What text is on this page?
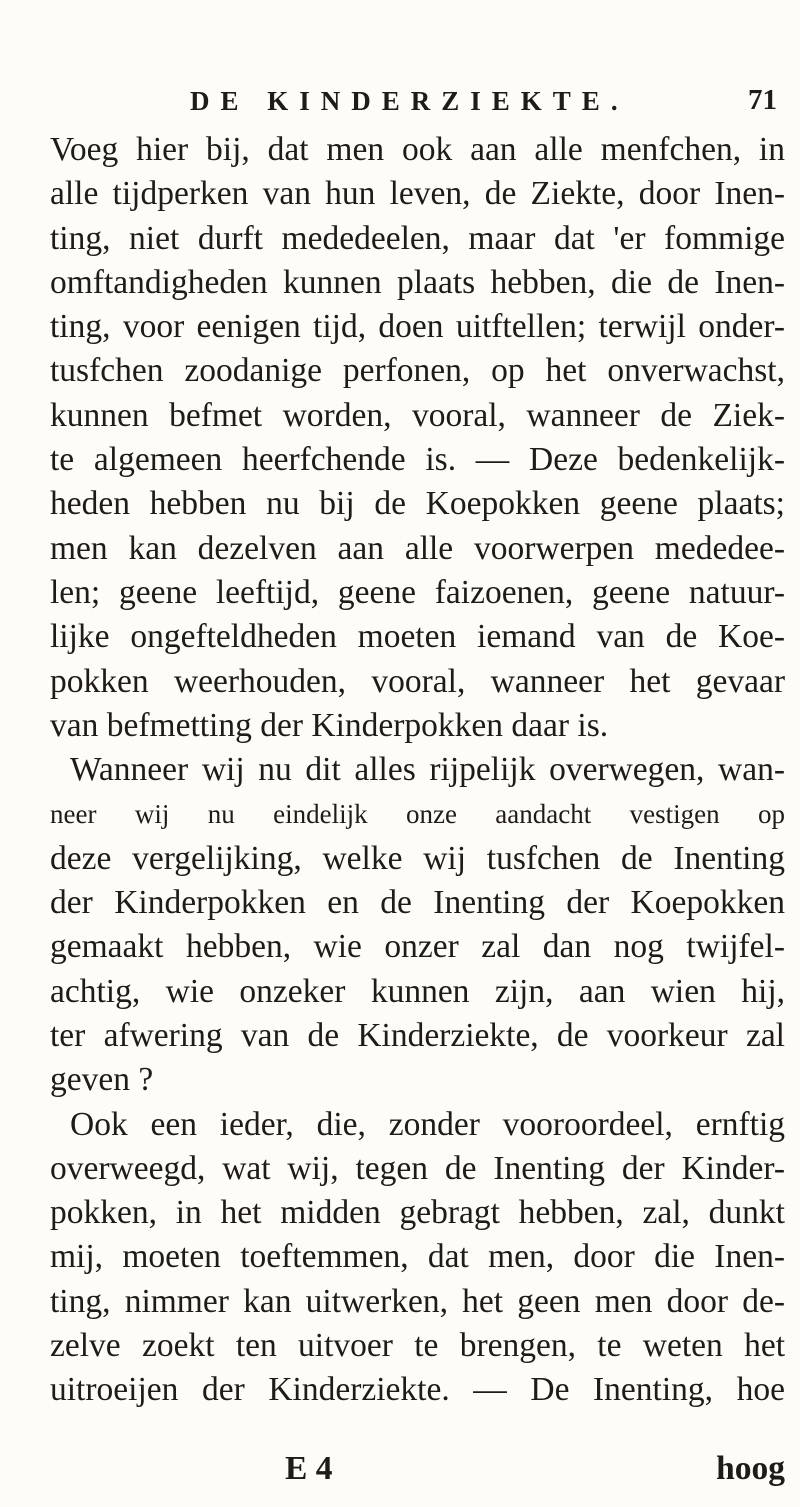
DE KINDERZIEKTE.	71
Voeg hier bij, dat men ook aan alle menfchen, in
alle tijdperken van hun leven, de Ziekte, door Inen-
ting, niet durft mededeelen, maar dat 'er fommige
omftandigheden kunnen plaats hebben, die de Inen-
ting, voor eenigen tijd, doen uitftellen; terwijl onder-
tusfchen zoodanige perfonen, op het onverwachst,
kunnen befmet worden, vooral, wanneer de Ziek-
te algemeen heerfchende is. — Deze bedenkelijk-
heden hebben nu bij de Koepokken geene plaats;
men kan dezelven aan alle voorwerpen mededee-
len; geene leeftijd, geene faizoenen, geene natuur-
lijke ongefteldheden moeten iemand van de Koe-
pokken weerhouden, vooral, wanneer het gevaar
van befmetting der Kinderpokken daar is.
Wanneer wij nu dit alles rijpelijk overwegen, wan-
neer wij nu eindelijk onze aandacht vestigen op
deze vergelijking, welke wij tusfchen de Inenting
der Kinderpokken en de Inenting der Koepokken
gemaakt hebben, wie onzer zal dan nog twijfel-
achtig, wie onzeker kunnen zijn, aan wien hij,
ter afwering van de Kinderziekte, de voorkeur zal
geven ?
Ook een ieder, die, zonder vooroordeel, ernftig
overweegd, wat wij, tegen de Inenting der Kinder-
pokken, in het midden gebragt hebben, zal, dunkt
mij, moeten toeftemmen, dat men, door die Inen-
ting, nimmer kan uitwerken, het geen men door de-
zelve zoekt ten uitvoer te brengen, te weten het
uitroeijen der Kinderziekte. — De Inenting, hoe
E 4	hoog
